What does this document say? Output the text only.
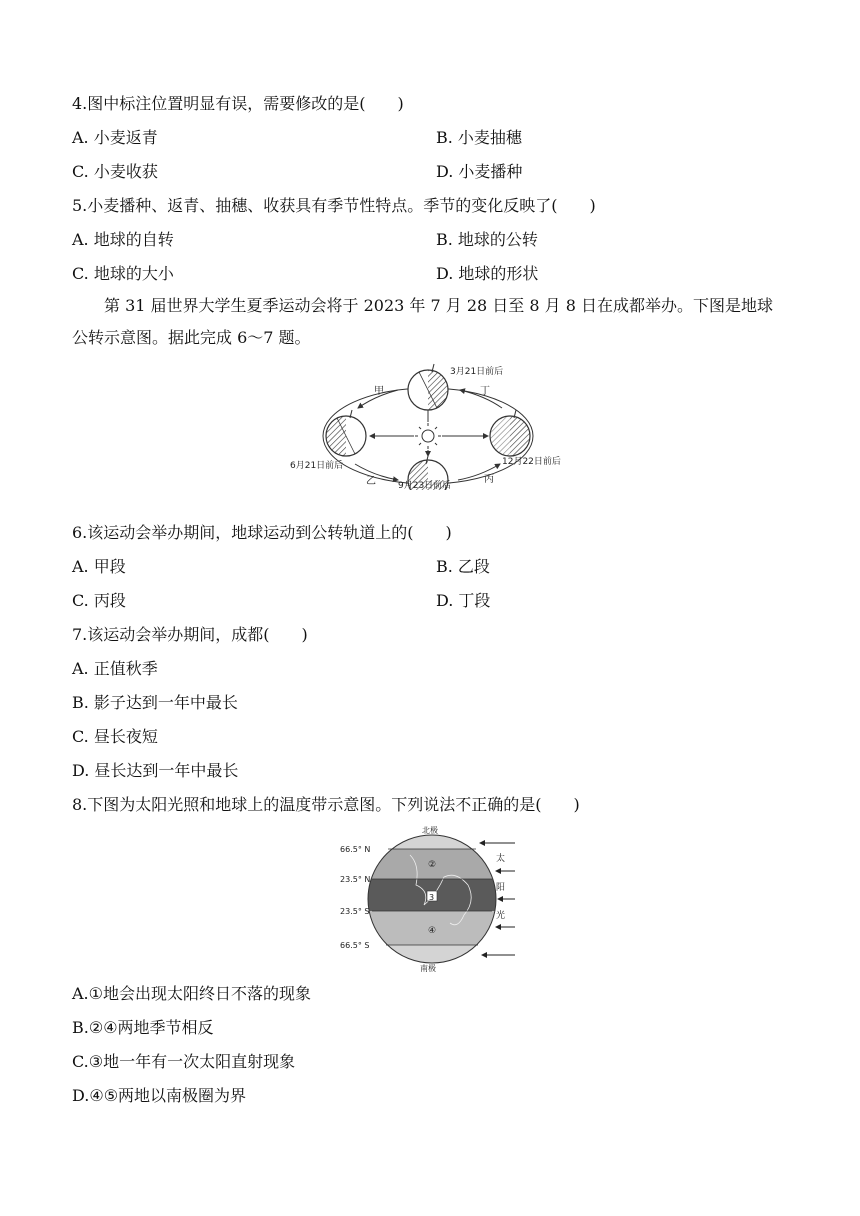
4.图中标注位置明显有误，需要修改的是(　　)
A. 小麦返青	B. 小麦抽穗
C. 小麦收获	D. 小麦播种
5.小麦播种、返青、抽穗、收获具有季节性特点。季节的变化反映了(　　)
A. 地球的自转	B. 地球的公转
C. 地球的大小	D. 地球的形状
第 31 届世界大学生夏季运动会将于 2023 年 7 月 28 日至 8 月 8 日在成都举办。下图是地球公转示意图。据此完成 6～7 题。
3月21日前后
6月21日前后
9月23日前后
12月22日前后
甲
乙	丙
丁
6.该运动会举办期间，地球运动到公转轨道上的(　　)
A. 甲段	B. 乙段
C. 丙段	D. 丁段
7.该运动会举办期间，成都(　　)
A. 正值秋季
B. 影子达到一年中最长
C. 昼长夜短
D. 昼长达到一年中最长
8.下图为太阳光照和地球上的温度带示意图。下列说法不正确的是(　　)
北极
南极
66.5° N
23.5° N
23.5° S
66.5° S
太
阳
光
②
3
④
A.①地会出现太阳终日不落的现象
B.②④两地季节相反
C.③地一年有一次太阳直射现象
D.④⑤两地以南极圈为界
